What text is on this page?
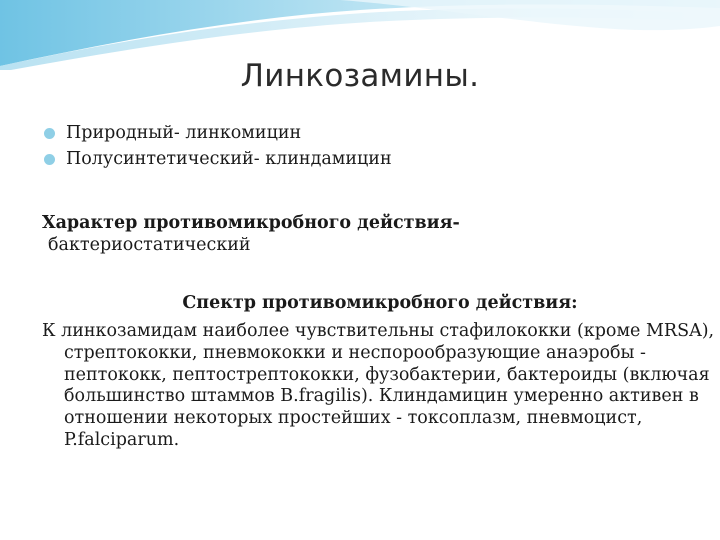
Линкозамины.
Природный- линкомицин
Полусинтетический- клиндамицин
Характер противомикробного действия-
бактериостатический
Спектр противомикробного действия:

К линкозамидам наиболее чувствительны стафилококки (кроме MRSA), стрептококки, пневмококки и неспорообразующие анаэробы - пептококк, пептострептококки, фузобактерии, бактероиды (включая большинство штаммов B.fragilis). Клиндамицин умеренно активен в отношении некоторых простейших - токсоплазм, пневмоцист, P.falciparum.
